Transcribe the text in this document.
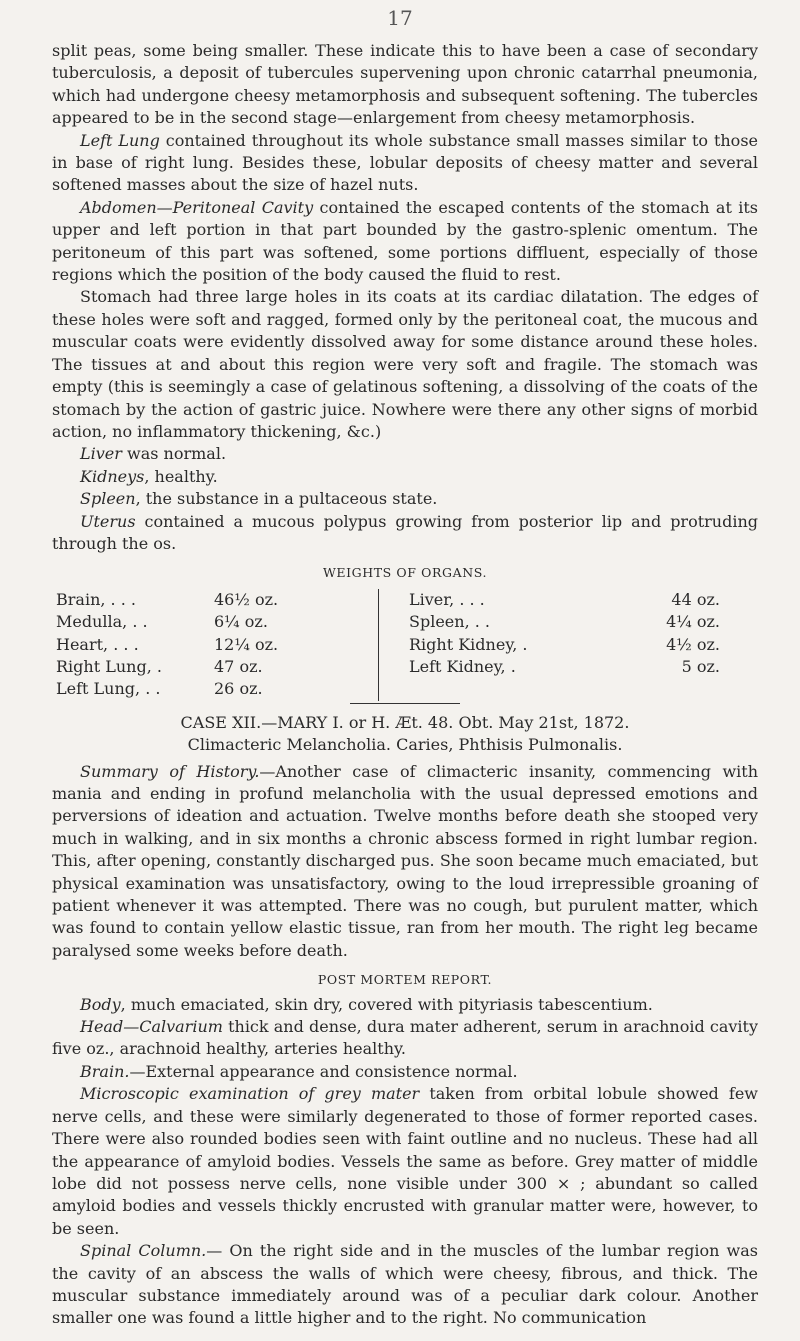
17

split peas, some being smaller. These indicate this to have been a case of secondary tuberculosis, a deposit of tubercules supervening upon chronic catarrhal pneumonia, which had undergone cheesy metamorphosis and subsequent softening. The tubercles appeared to be in the second stage—enlargement from cheesy metamorphosis.

Left Lung contained throughout its whole substance small masses similar to those in base of right lung. Besides these, lobular deposits of cheesy matter and several softened masses about the size of hazel nuts.

Abdomen—Peritoneal Cavity contained the escaped contents of the stomach at its upper and left portion in that part bounded by the gastro-splenic omentum. The peritoneum of this part was softened, some portions diffluent, especially of those regions which the position of the body caused the fluid to rest.

Stomach had three large holes in its coats at its cardiac dilatation. The edges of these holes were soft and ragged, formed only by the peritoneal coat, the mucous and muscular coats were evidently dissolved away for some distance around these holes. The tissues at and about this region were very soft and fragile. The stomach was empty (this is seemingly a case of gelatinous softening, a dissolving of the coats of the stomach by the action of gastric juice. Nowhere were there any other signs of morbid action, no inflammatory thickening, &c.)

Liver was normal.

Kidneys, healthy.

Spleen, the substance in a pultaceous state.

Uterus contained a mucous polypus growing from posterior lip and protruding through the os.

WEIGHTS OF ORGANS.

Brain, . . .	46½ oz.	Liver, . . .	44 oz.
Medulla, . .	6¼ oz.	Spleen, . .	4¼ oz.
Heart, . . .	12¼ oz.	Right Kidney, .	4½ oz.
Right Lung, .	47 oz.	Left Kidney, .	5 oz.
Left Lung, . .	26 oz.		

CASE XII.—MARY I. or H. Æt. 48. Obt. May 21st, 1872.

Climacteric Melancholia. Caries, Phthisis Pulmonalis.

Summary of History.—Another case of climacteric insanity, commencing with mania and ending in profund melancholia with the usual depressed emotions and perversions of ideation and actuation. Twelve months before death she stooped very much in walking, and in six months a chronic abscess formed in right lumbar region. This, after opening, constantly discharged pus. She soon became much emaciated, but physical examination was unsatisfactory, owing to the loud irrepressible groaning of patient whenever it was attempted. There was no cough, but purulent matter, which was found to contain yellow elastic tissue, ran from her mouth. The right leg became paralysed some weeks before death.

POST MORTEM REPORT.

Body, much emaciated, skin dry, covered with pityriasis tabescentium.

Head—Calvarium thick and dense, dura mater adherent, serum in arachnoid cavity five oz., arachnoid healthy, arteries healthy.

Brain.—External appearance and consistence normal.

Microscopic examination of grey mater taken from orbital lobule showed few nerve cells, and these were similarly degenerated to those of former reported cases. There were also rounded bodies seen with faint outline and no nucleus. These had all the appearance of amyloid bodies. Vessels the same as before. Grey matter of middle lobe did not possess nerve cells, none visible under 300 × ; abundant so called amyloid bodies and vessels thickly encrusted with granular matter were, however, to be seen.

Spinal Column.— On the right side and in the muscles of the lumbar region was the cavity of an abscess the walls of which were cheesy, fibrous, and thick. The muscular substance immediately around was of a peculiar dark colour. Another smaller one was found a little higher and to the right. No communication
